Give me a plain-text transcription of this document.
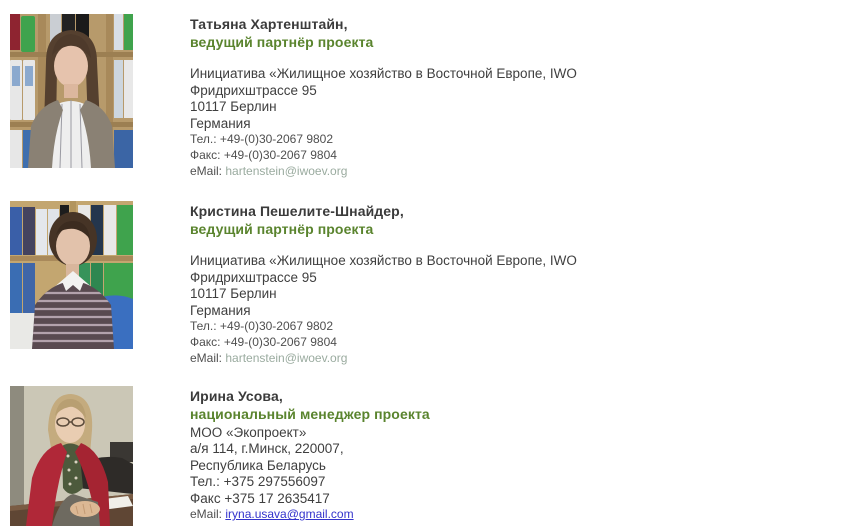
Татьяна Хартенштайн,
ведущий партнёр проекта
Инициатива «Жилищное хозяйство в Восточной Европе, IWO
Фридрихштрассе 95
10117 Берлин
Германия
Тел.: +49-(0)30-2067 9802
Факс: +49-(0)30-2067 9804
eMail: hartenstein@iwoev.org
Кристина Пешелите-Шнайдер,
ведущий партнёр проекта
Инициатива «Жилищное хозяйство в Восточной Европе, IWO
Фридрихштрассе 95
10117 Берлин
Германия
Тел.: +49-(0)30-2067 9802
Факс: +49-(0)30-2067 9804
eMail: hartenstein@iwoev.org
Ирина Усова,
национальный менеджер проекта
МОО «Экопроект»
а/я 114, г.Минск, 220007,
Республика Беларусь
Тел.: +375 297556097
Факс +375 17 2635417
eMail: iryna.usava@gmail.com
